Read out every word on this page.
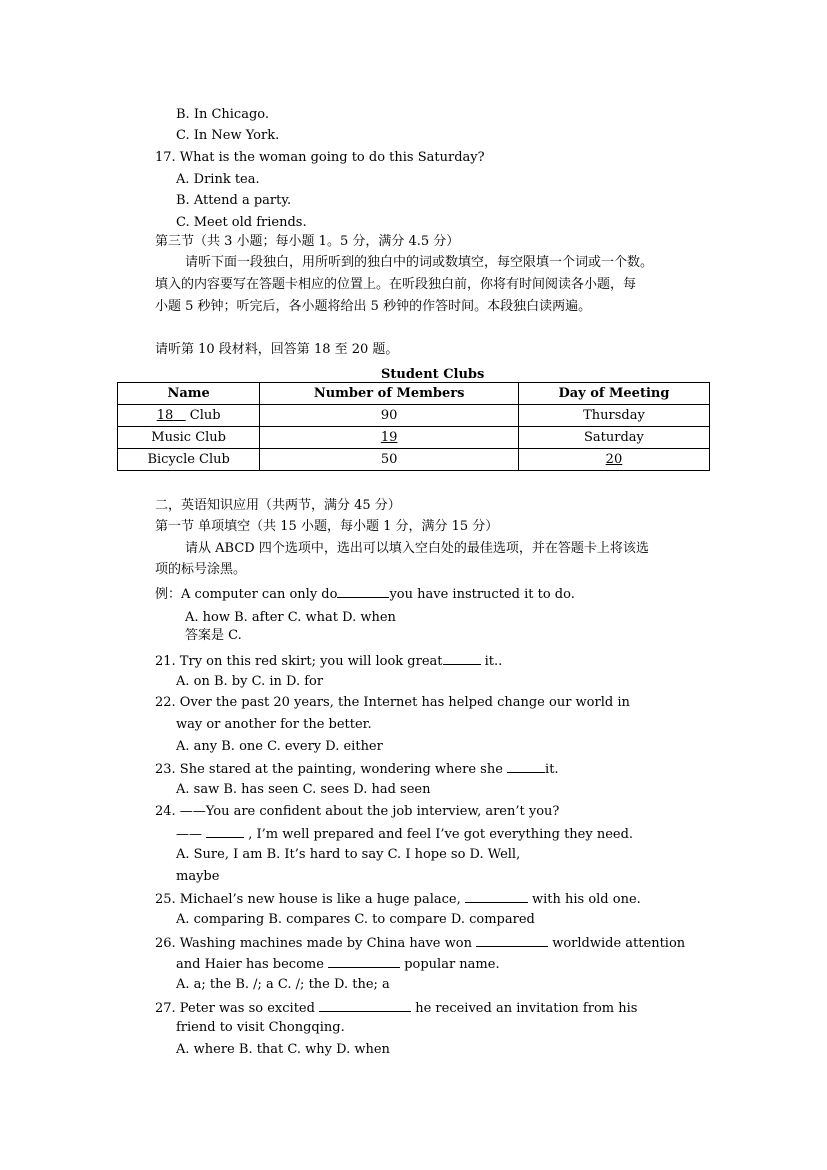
B. In Chicago.
C. In New York.
17. What is the woman going to do this Saturday?
A. Drink tea.
B. Attend a party.
C. Meet old friends.
第三节（共 3 小题；每小题 1。5 分，满分 4.5 分）
请听下面一段独白，用所听到的独白中的词或数填空，每空限填一个词或一个数。
填入的内容要写在答题卡相应的位置上。在听段独白前，你将有时间阅读各小题，每
小题 5 秒钟；听完后，各小题将给出 5 秒钟的作答时间。本段独白读两遍。
请听第 10 段材料，回答第 18 至 20 题。
Student Clubs
Name	Number of Members	Day of Meeting
18 Club	90	Thursday
Music Club	19	Saturday
Bicycle Club	50	20
二，英语知识应用（共两节，满分 45 分）
第一节 单项填空（共 15 小题，每小题 1 分，满分 15 分）
请从 ABCD 四个选项中，选出可以填入空白处的最佳选项，并在答题卡上将该选
项的标号涂黑。
例：A computer can only do	you have instructed it to do.
A. how B. after C. what D. when
答案是 C.
21. Try on this red skirt; you will look great	it..
A. on B. by C. in D. for
22. Over the past 20 years, the Internet has helped change our world in
way or another for the better.
A. any B. one C. every D. either
23. She stared at the painting, wondering where she	it.
A. saw B. has seen C. sees D. had seen
24. ——You are confident about the job interview, aren’t you?
——	, I’m well prepared and feel I’ve got everything they need.
A. Sure, I am B. It’s hard to say C. I hope so D. Well,
maybe
25. Michael’s new house is like a huge palace,	with his old one.
A. comparing B. compares C. to compare D. compared
26. Washing machines made by China have won	worldwide attention
and Haier has become	popular name.
A. a; the B. /; a C. /; the D. the; a
27. Peter was so excited	he received an invitation from his
friend to visit Chongqing.
A. where B. that C. why D. when
